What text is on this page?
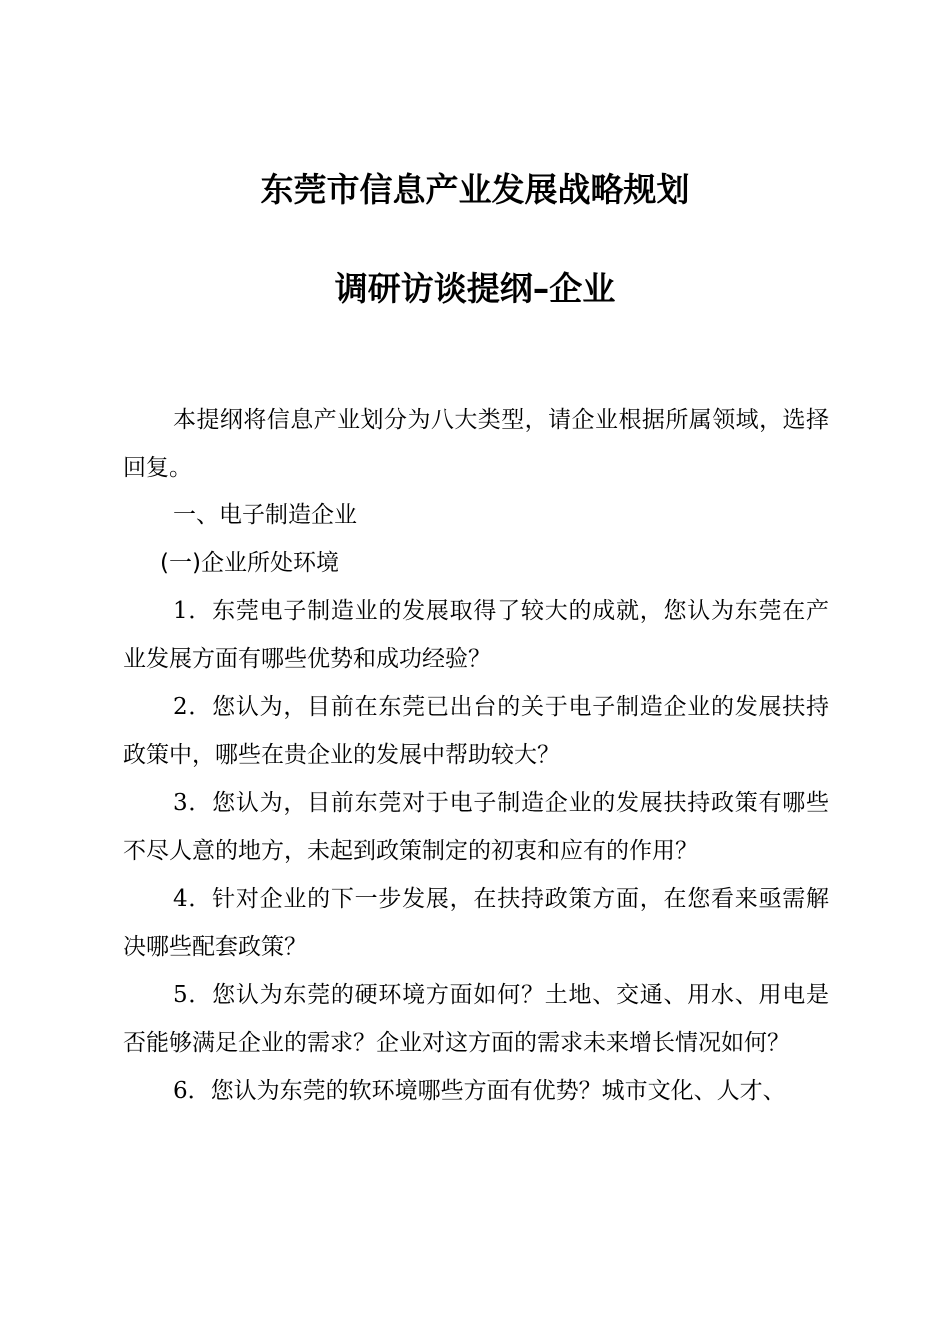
东莞市信息产业发展战略规划
调研访谈提纲–企业

本提纲将信息产业划分为八大类型，请企业根据所属领域，选择回复。

一、电子制造企业

(一)企业所处环境

1．东莞电子制造业的发展取得了较大的成就，您认为东莞在产业发展方面有哪些优势和成功经验？

2．您认为，目前在东莞已出台的关于电子制造企业的发展扶持政策中，哪些在贵企业的发展中帮助较大？

3．您认为，目前东莞对于电子制造企业的发展扶持政策有哪些不尽人意的地方，未起到政策制定的初衷和应有的作用？

4．针对企业的下一步发展，在扶持政策方面，在您看来亟需解决哪些配套政策？

5．您认为东莞的硬环境方面如何？土地、交通、用水、用电是否能够满足企业的需求？企业对这方面的需求未来增长情况如何？

6．您认为东莞的软环境哪些方面有优势？城市文化、人才、
